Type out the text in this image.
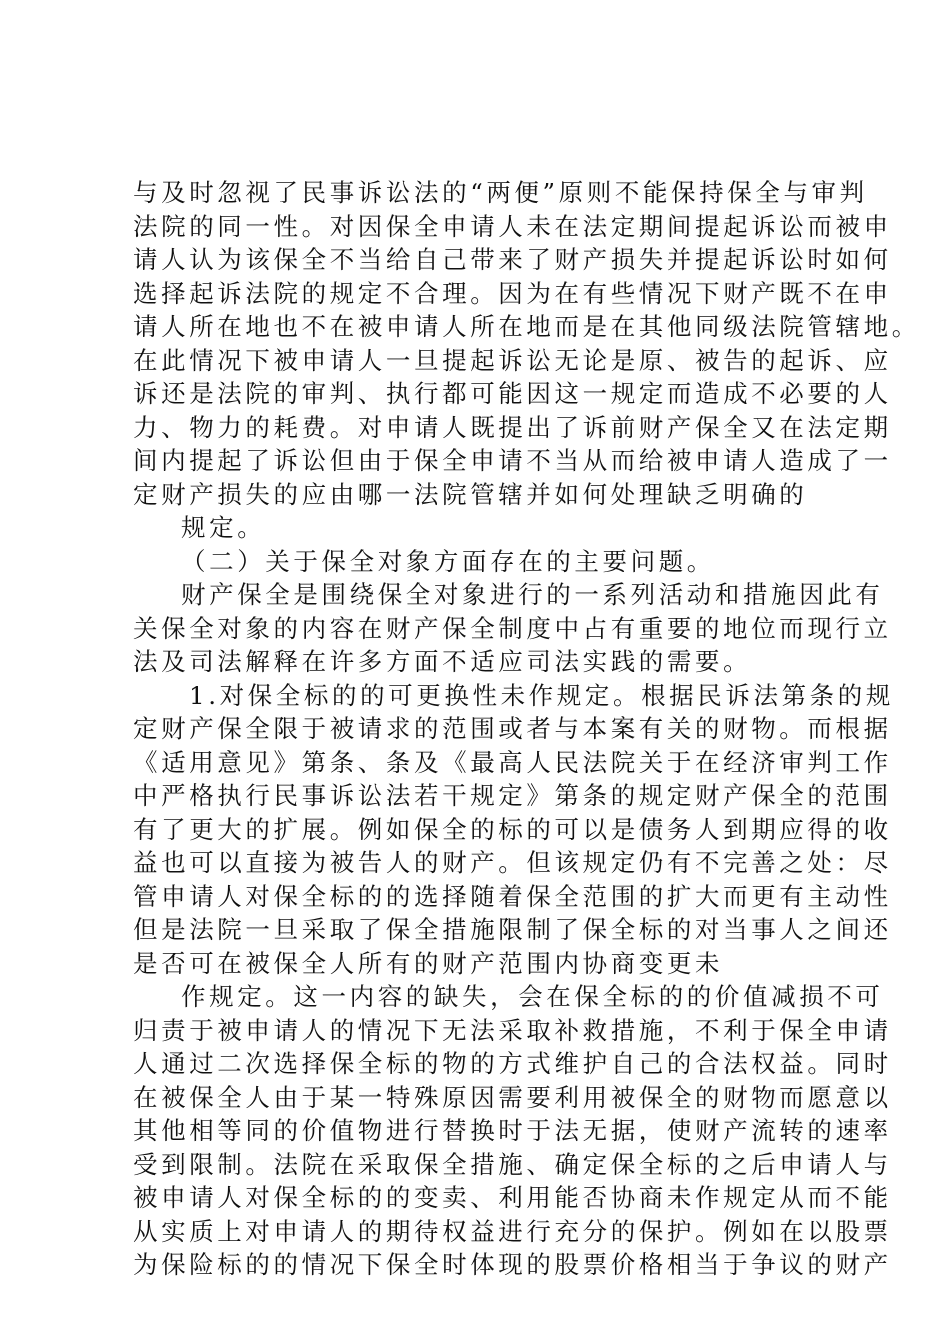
与及时忽视了民事诉讼法的“两便”原则不能保持保全与审判
法院的同一性。对因保全申请人未在法定期间提起诉讼而被申
请人认为该保全不当给自己带来了财产损失并提起诉讼时如何
选择起诉法院的规定不合理。因为在有些情况下财产既不在申
请人所在地也不在被申请人所在地而是在其他同级法院管辖地。
在此情况下被申请人一旦提起诉讼无论是原、被告的起诉、应
诉还是法院的审判、执行都可能因这一规定而造成不必要的人
力、物力的耗费。对申请人既提出了诉前财产保全又在法定期
间内提起了诉讼但由于保全申请不当从而给被申请人造成了一
定财产损失的应由哪一法院管辖并如何处理缺乏明确的
规定。
（二）关于保全对象方面存在的主要问题。
财产保全是围绕保全对象进行的一系列活动和措施因此有
关保全对象的内容在财产保全制度中占有重要的地位而现行立
法及司法解释在许多方面不适应司法实践的需要。
1.对保全标的的可更换性未作规定。根据民诉法第条的规
定财产保全限于被请求的范围或者与本案有关的财物。而根据
《适用意见》第条、条及《最高人民法院关于在经济审判工作
中严格执行民事诉讼法若干规定》第条的规定财产保全的范围
有了更大的扩展。例如保全的标的可以是债务人到期应得的收
益也可以直接为被告人的财产。但该规定仍有不完善之处：尽
管申请人对保全标的的选择随着保全范围的扩大而更有主动性
但是法院一旦采取了保全措施限制了保全标的对当事人之间还
是否可在被保全人所有的财产范围内协商变更未
作规定。这一内容的缺失，会在保全标的的价值减损不可
归责于被申请人的情况下无法采取补救措施，不利于保全申请
人通过二次选择保全标的物的方式维护自己的合法权益。同时
在被保全人由于某一特殊原因需要利用被保全的财物而愿意以
其他相等同的价值物进行替换时于法无据，使财产流转的速率
受到限制。法院在采取保全措施、确定保全标的之后申请人与
被申请人对保全标的的变卖、利用能否协商未作规定从而不能
从实质上对申请人的期待权益进行充分的保护。例如在以股票
为保险标的的情况下保全时体现的股票价格相当于争议的财产
